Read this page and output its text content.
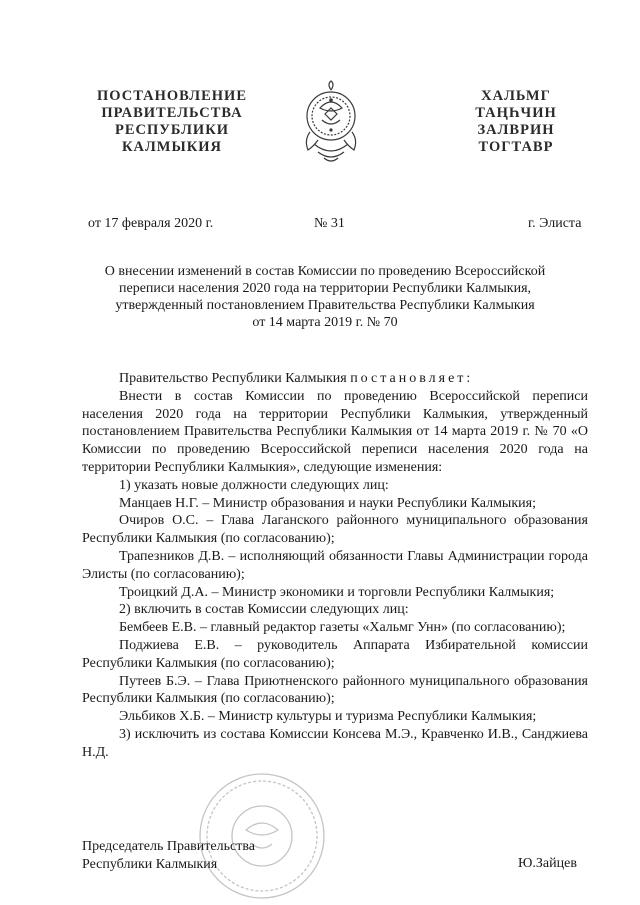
ПОСТАНОВЛЕНИЕ
ПРАВИТЕЛЬСТВА
РЕСПУБЛИКИ
КАЛМЫКИЯ
ХАЛЬМГ
ТАҢҺЧИН
ЗАЛВРИН
ТОГТАВР
от 17 февраля 2020 г.	№ 31	г. Элиста
О внесении изменений в состав Комиссии по проведению Всероссийской
переписи населения 2020 года на территории Республики Калмыкия,
утвержденный постановлением Правительства Республики Калмыкия
от 14 марта 2019 г. № 70

Правительство Республики Калмыкия постановляет:

Внести в состав Комиссии по проведению Всероссийской переписи населения 2020 года на территории Республики Калмыкия, утвержденный постановлением Правительства Республики Калмыкия от 14 марта 2019 г. № 70 «О Комиссии по проведению Всероссийской переписи населения 2020 года на территории Республики Калмыкия», следующие изменения:

1) указать новые должности следующих лиц:

Манцаев Н.Г. – Министр образования и науки Республики Калмыкия;

Очиров О.С. – Глава Лаганского районного муниципального образования Республики Калмыкия (по согласованию);

Трапезников Д.В. – исполняющий обязанности Главы Администрации города Элисты (по согласованию);

Троицкий Д.А. – Министр экономики и торговли Республики Калмыкия;

2) включить в состав Комиссии следующих лиц:

Бембеев Е.В. – главный редактор газеты «Хальмг Унн» (по согласованию);

Поджиева Е.В. – руководитель Аппарата Избирательной комиссии Республики Калмыкия (по согласованию);

Путеев Б.Э. – Глава Приютненского районного муниципального образования Республики Калмыкия (по согласованию);

Эльбиков Х.Б. – Министр культуры и туризма Республики Калмыкия;

3) исключить из состава Комиссии Консева М.Э., Кравченко И.В., Санджиева Н.Д.

Председатель Правительства
Республики Калмыкия	Ю.Зайцев
